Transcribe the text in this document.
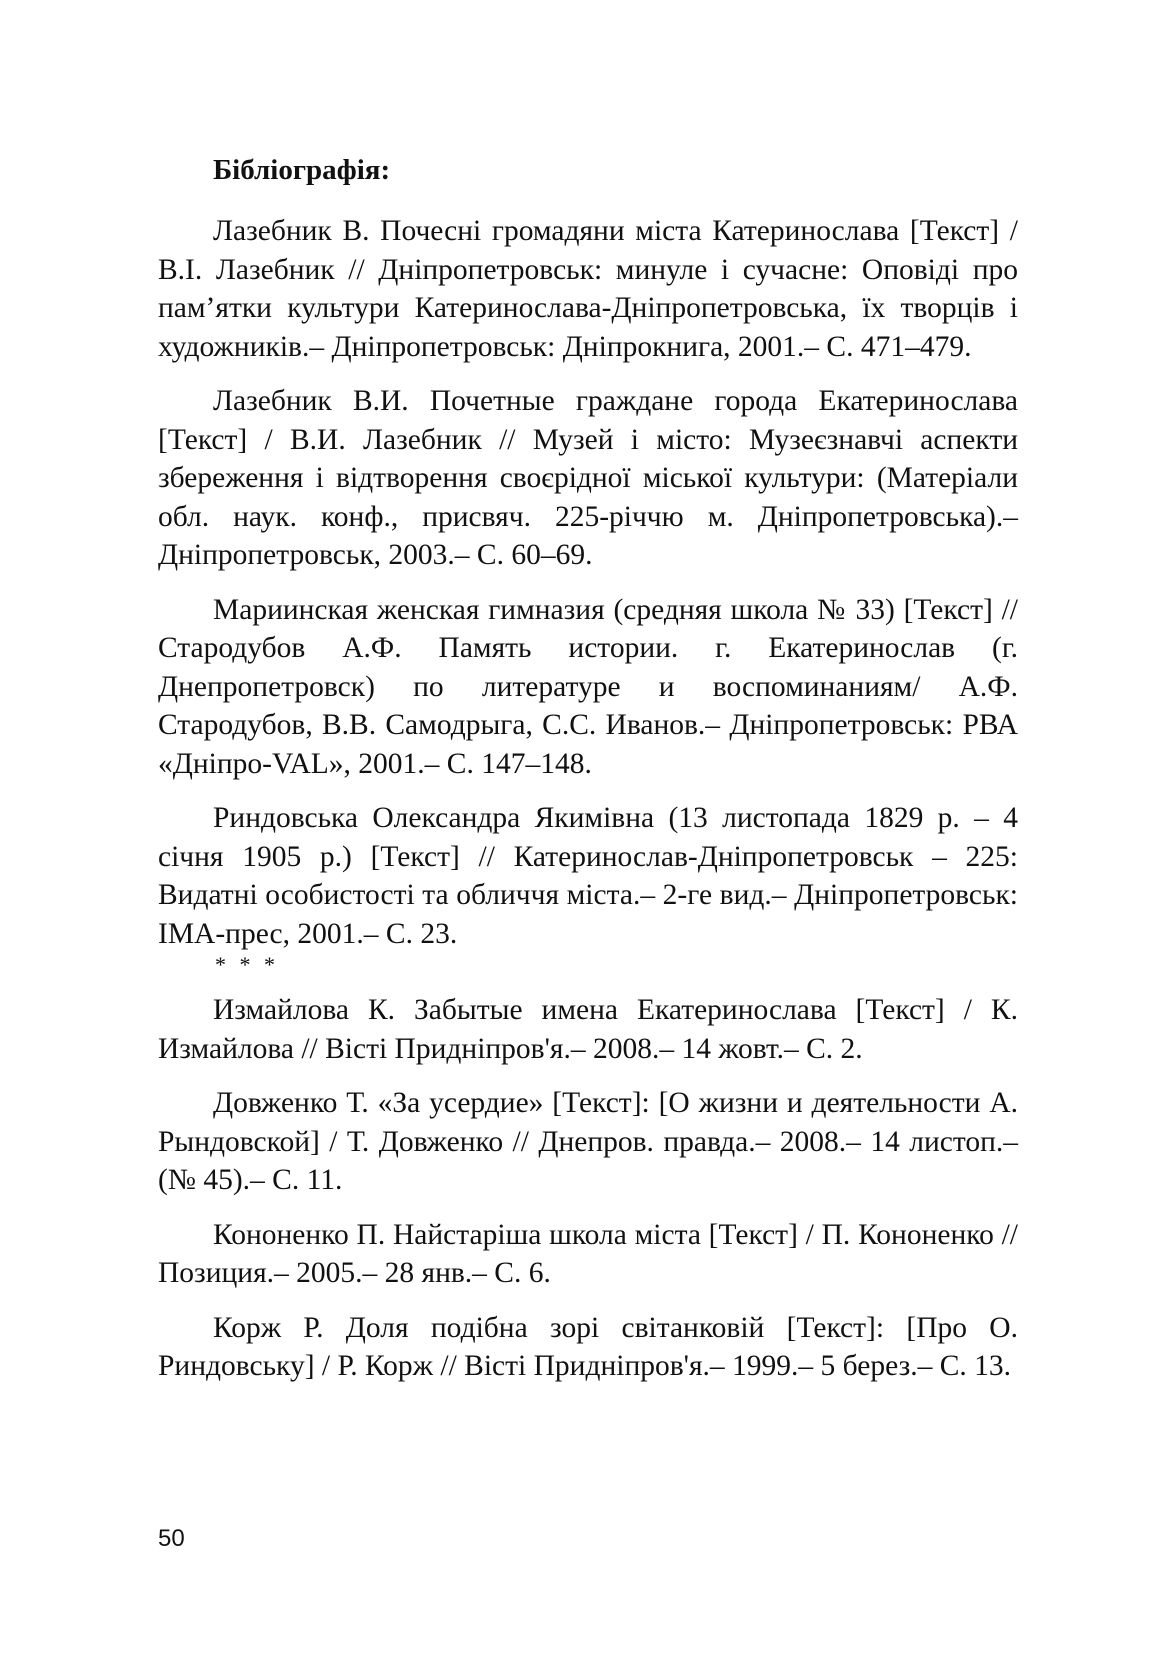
Бібліографія:

Лазебник В. Почесні громадяни міста Катеринослава [Текст] / В.І. Лазебник // Дніпропетровськ: минуле і сучасне: Оповіді про пам’ятки культури Катеринослава-Дніпропетровська, їх творців і художників.– Дніпропетровськ: Дніпрокнига, 2001.– С. 471–479.

Лазебник В.И. Почетные граждане города Екатеринослава [Текст] / В.И. Лазебник // Музей і місто: Музеєзнавчі аспекти збереження і відтворення своєрідної міської культури: (Матеріали обл. наук. конф., присвяч. 225-річчю м. Дніпропетровська).– Дніпропетровськ, 2003.– С. 60–69.

Мариинская женская гимназия (средняя школа № 33) [Текст] // Стародубов А.Ф. Память истории. г. Екатеринослав (г. Днепропетровск) по литературе и воспоминаниям/ А.Ф. Стародубов, В.В. Самодрыга, С.С. Иванов.– Дніпропетровськ: РВА «Дніпро-VAL», 2001.– С. 147–148.

Риндовська Олександра Якимівна (13 листопада 1829 р. – 4 січня 1905 р.) [Текст] // Катеринослав-Дніпропетровськ – 225: Видатні особистості та обличчя міста.– 2-ге вид.– Дніпропетровськ: ІМА-прес, 2001.– С. 23.

* * *

Измайлова К. Забытые имена Екатеринослава [Текст] / К. Измайлова // Вісті Придніпров'я.– 2008.– 14 жовт.– С. 2.

Довженко Т. «За усердие» [Текст]: [О жизни и деятельности А. Рындовской] / Т. Довженко // Днепров. правда.– 2008.– 14 листоп.– (№ 45).– С. 11.

Кононенко П. Найстаріша школа міста [Текст] / П. Кононенко // Позиция.– 2005.– 28 янв.– С. 6.

Корж Р. Доля подібна зорі світанковій [Текст]: [Про О. Риндовську] / Р. Корж // Вісті Придніпров'я.– 1999.– 5 берез.– С. 13.

50
